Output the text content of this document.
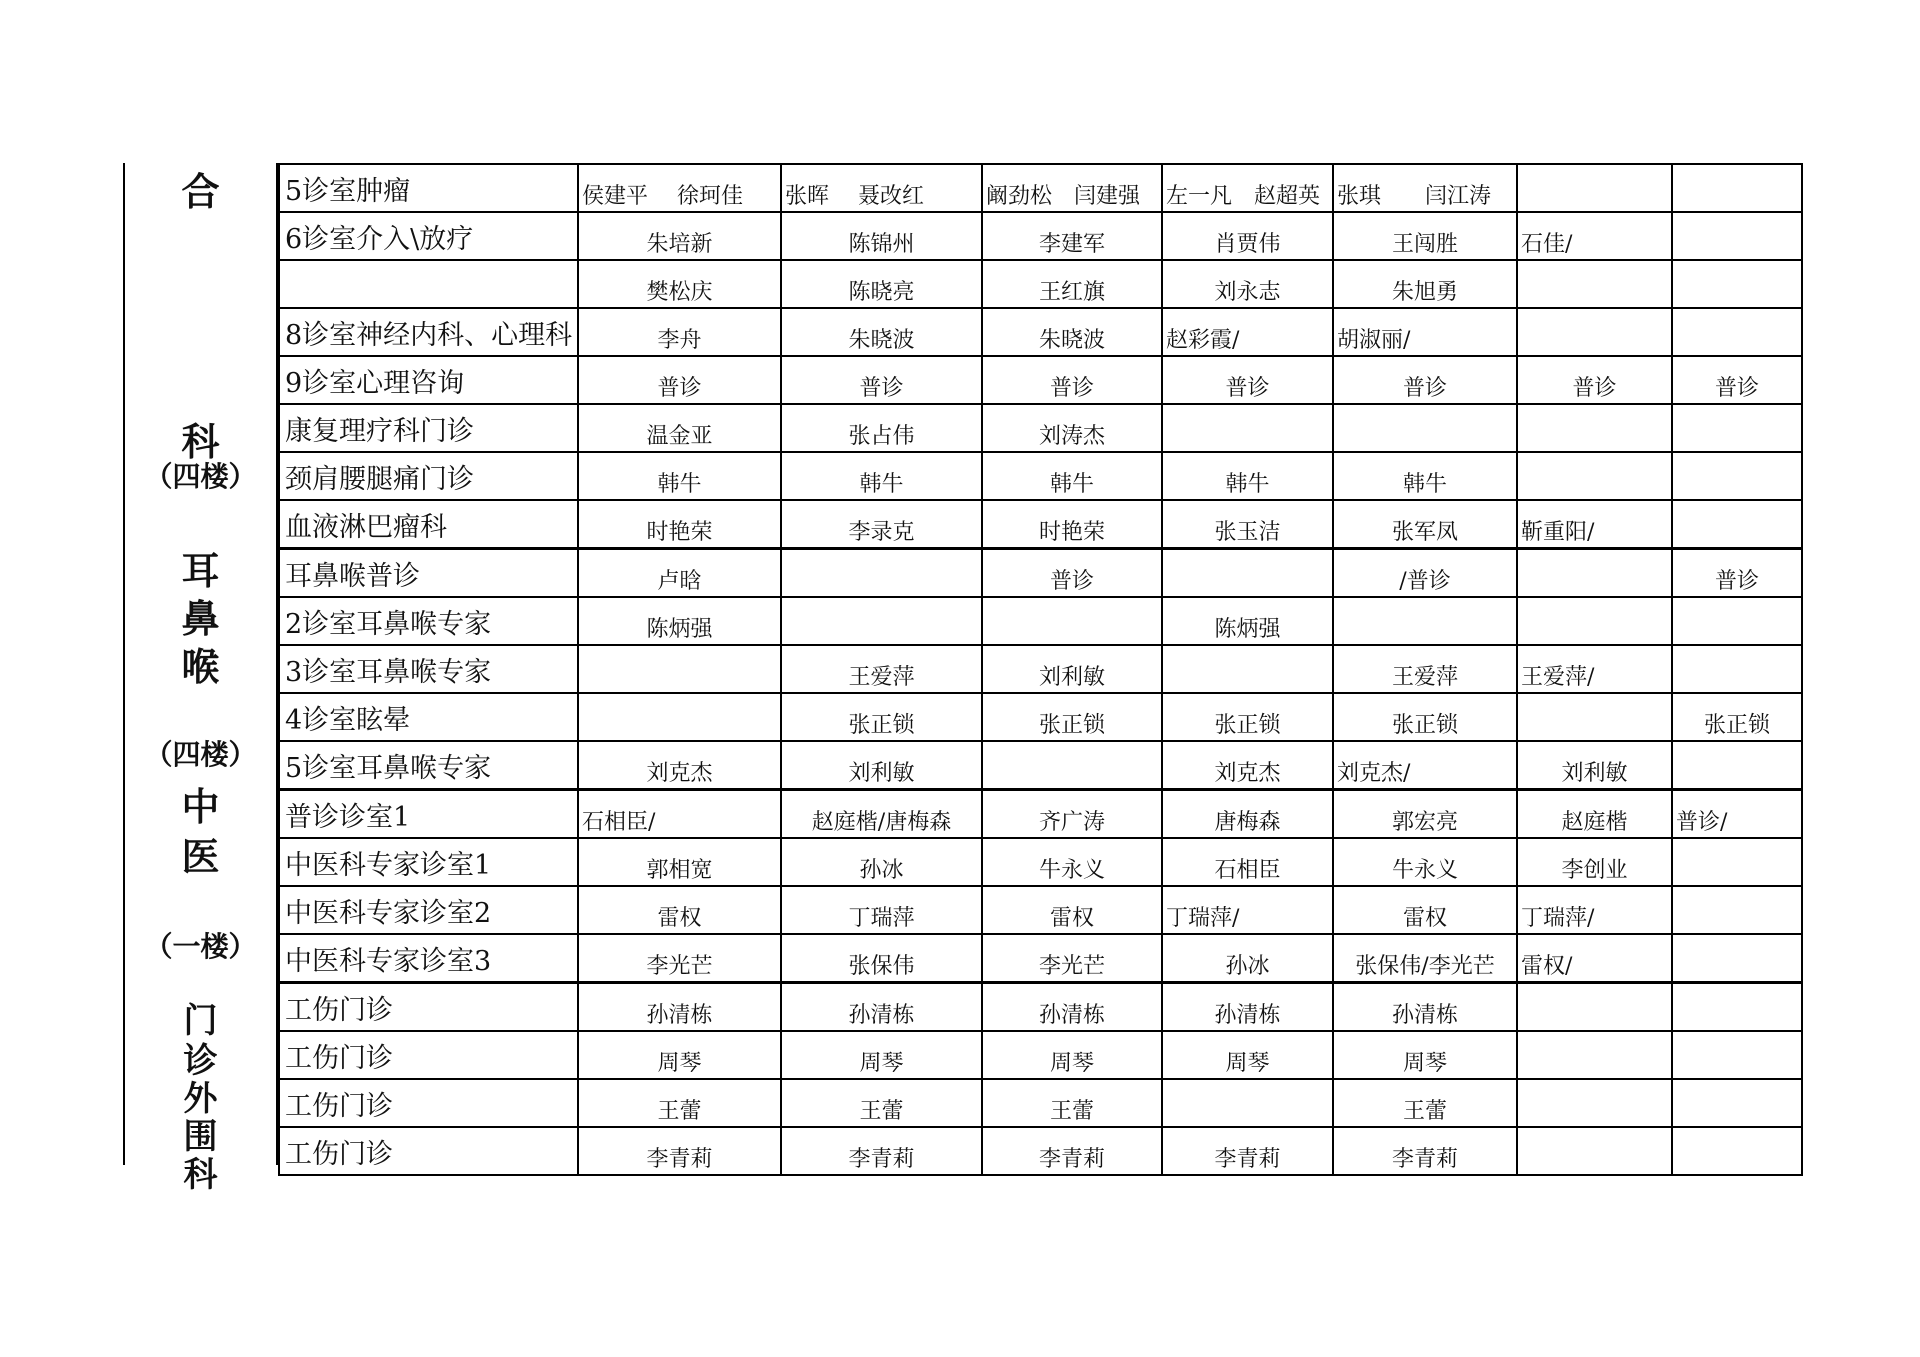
合
科
（四楼）
耳
鼻
喉
（四楼）
中
医
（一楼）
门
诊
外
围
科
5诊室肿瘤	侯建平　 徐珂佳	张晖　 聂改红	阚劲松　闫建强	左一凡　赵超英	张琪　　闫江涛		
6诊室介入\放疗	朱培新	陈锦州	李建军	肖贾伟	王闯胜	石佳/	
	樊松庆	陈晓亮	王红旗	刘永志	朱旭勇		
8诊室神经内科、心理科	李舟	朱晓波	朱晓波	赵彩霞/	胡淑丽/		
9诊室心理咨询	普诊	普诊	普诊	普诊	普诊	普诊	普诊
康复理疗科门诊	温金亚	张占伟	刘涛杰				
颈肩腰腿痛门诊	韩牛	韩牛	韩牛	韩牛	韩牛		
血液淋巴瘤科	时艳荣	李录克	时艳荣	张玉洁	张军凤	靳重阳/	
耳鼻喉普诊	卢晗		普诊		/普诊		普诊
2诊室耳鼻喉专家	陈炳强			陈炳强			
3诊室耳鼻喉专家		王爱萍	刘利敏		王爱萍	王爱萍/	
4诊室眩晕		张正锁	张正锁	张正锁	张正锁		张正锁
5诊室耳鼻喉专家	刘克杰	刘利敏		刘克杰	刘克杰/	刘利敏	
普诊诊室1	石相臣/	赵庭楷/唐梅森	齐广涛	唐梅森	郭宏亮	赵庭楷	普诊/
中医科专家诊室1	郭相宽	孙冰	牛永义	石相臣	牛永义	李创业	
中医科专家诊室2	雷权	丁瑞萍	雷权	丁瑞萍/	雷权	丁瑞萍/	
中医科专家诊室3	李光芒	张保伟	李光芒	孙冰	张保伟/李光芒	雷权/	
工伤门诊	孙清栋	孙清栋	孙清栋	孙清栋	孙清栋		
工伤门诊	周琴	周琴	周琴	周琴	周琴		
工伤门诊	王蕾	王蕾	王蕾		王蕾		
工伤门诊	李青莉	李青莉	李青莉	李青莉	李青莉		
